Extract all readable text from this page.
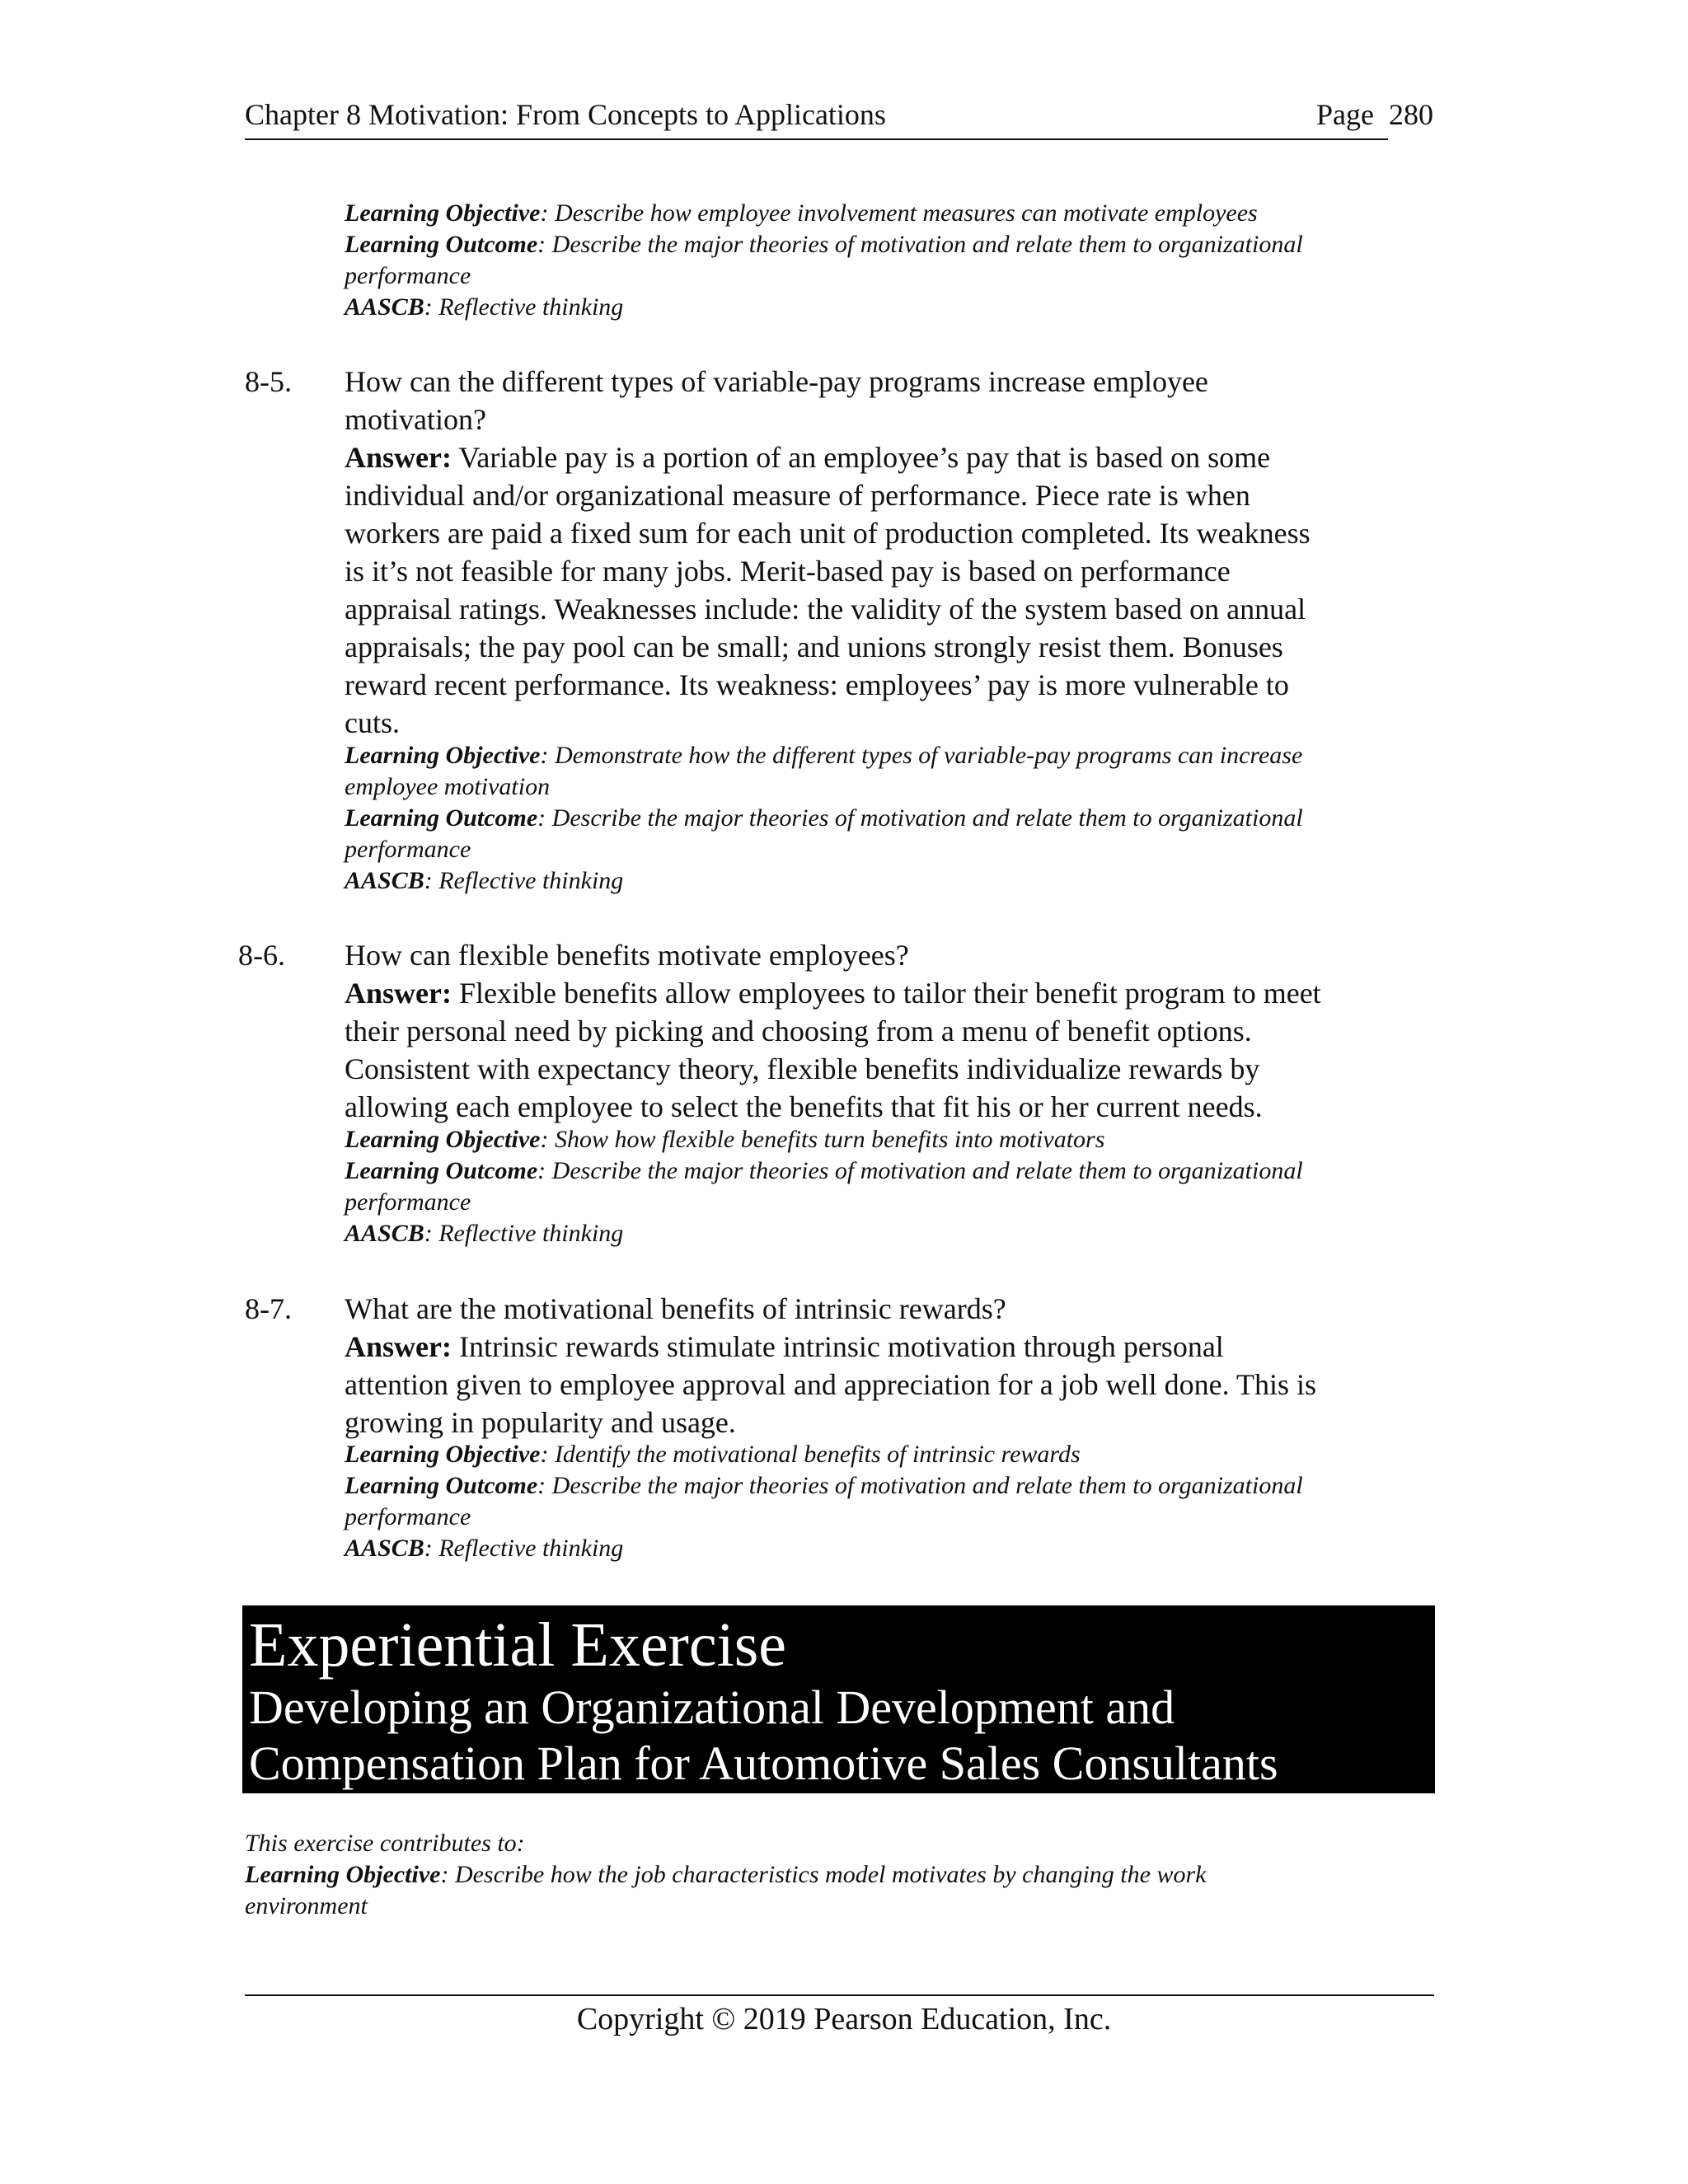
Chapter 8 Motivation: From Concepts to Applications	Page 280
Learning Objective: Describe how employee involvement measures can motivate employees
Learning Outcome: Describe the major theories of motivation and relate them to organizational
performance
AASCB: Reflective thinking
8-5. How can the different types of variable-pay programs increase employee
motivation?
Answer: Variable pay is a portion of an employee’s pay that is based on some
individual and/or organizational measure of performance. Piece rate is when
workers are paid a fixed sum for each unit of production completed. Its weakness
is it’s not feasible for many jobs. Merit-based pay is based on performance
appraisal ratings. Weaknesses include: the validity of the system based on annual
appraisals; the pay pool can be small; and unions strongly resist them. Bonuses
reward recent performance. Its weakness: employees’ pay is more vulnerable to
cuts.
Learning Objective: Demonstrate how the different types of variable-pay programs can increase
employee motivation
Learning Outcome: Describe the major theories of motivation and relate them to organizational
performance
AASCB: Reflective thinking
8-6. How can flexible benefits motivate employees?
Answer: Flexible benefits allow employees to tailor their benefit program to meet
their personal need by picking and choosing from a menu of benefit options.
Consistent with expectancy theory, flexible benefits individualize rewards by
allowing each employee to select the benefits that fit his or her current needs.
Learning Objective: Show how flexible benefits turn benefits into motivators
Learning Outcome: Describe the major theories of motivation and relate them to organizational
performance
AASCB: Reflective thinking
8-7. What are the motivational benefits of intrinsic rewards?
Answer: Intrinsic rewards stimulate intrinsic motivation through personal
attention given to employee approval and appreciation for a job well done. This is
growing in popularity and usage.
Learning Objective: Identify the motivational benefits of intrinsic rewards
Learning Outcome: Describe the major theories of motivation and relate them to organizational
performance
AASCB: Reflective thinking
Experiential Exercise
Developing an Organizational Development and
Compensation Plan for Automotive Sales Consultants
This exercise contributes to:
Learning Objective: Describe how the job characteristics model motivates by changing the work
environment
Copyright © 2019 Pearson Education, Inc.
